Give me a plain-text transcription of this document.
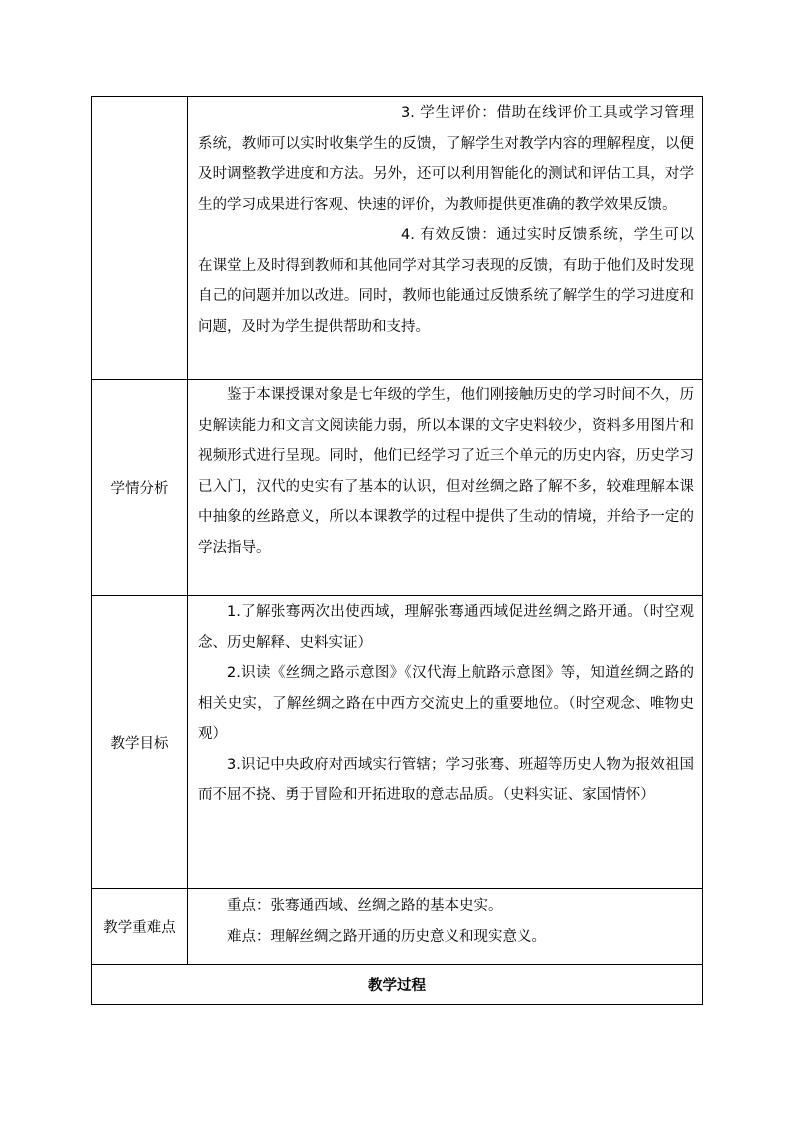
3. 学生评价：借助在线评价工具或学习管理系统，教师可以实时收集学生的反馈，了解学生对教学内容的理解程度，以便及时调整教学进度和方法。另外，还可以利用智能化的测试和评估工具，对学生的学习成果进行客观、快速的评价，为教师提供更准确的教学效果反馈。

4. 有效反馈：通过实时反馈系统，学生可以在课堂上及时得到教师和其他同学对其学习表现的反馈，有助于他们及时发现自己的问题并加以改进。同时，教师也能通过反馈系统了解学生的学习进度和问题，及时为学生提供帮助和支持。

学情分析

鉴于本课授课对象是七年级的学生，他们刚接触历史的学习时间不久，历史解读能力和文言文阅读能力弱，所以本课的文字史料较少，资料多用图片和视频形式进行呈现。同时，他们已经学习了近三个单元的历史内容，历史学习已入门，汉代的史实有了基本的认识，但对丝绸之路了解不多，较难理解本课中抽象的丝路意义，所以本课教学的过程中提供了生动的情境，并给予一定的学法指导。

教学目标

1.了解张骞两次出使西域，理解张骞通西域促进丝绸之路开通。（时空观念、历史解释、史料实证）

2.识读《丝绸之路示意图》《汉代海上航路示意图》等，知道丝绸之路的相关史实，了解丝绸之路在中西方交流史上的重要地位。（时空观念、唯物史观）

3.识记中央政府对西域实行管辖；学习张骞、班超等历史人物为报效祖国而不屈不挠、勇于冒险和开拓进取的意志品质。（史料实证、家国情怀）

教学重难点

重点：张骞通西域、丝绸之路的基本史实。

难点：理解丝绸之路开通的历史意义和现实意义。

教学过程
